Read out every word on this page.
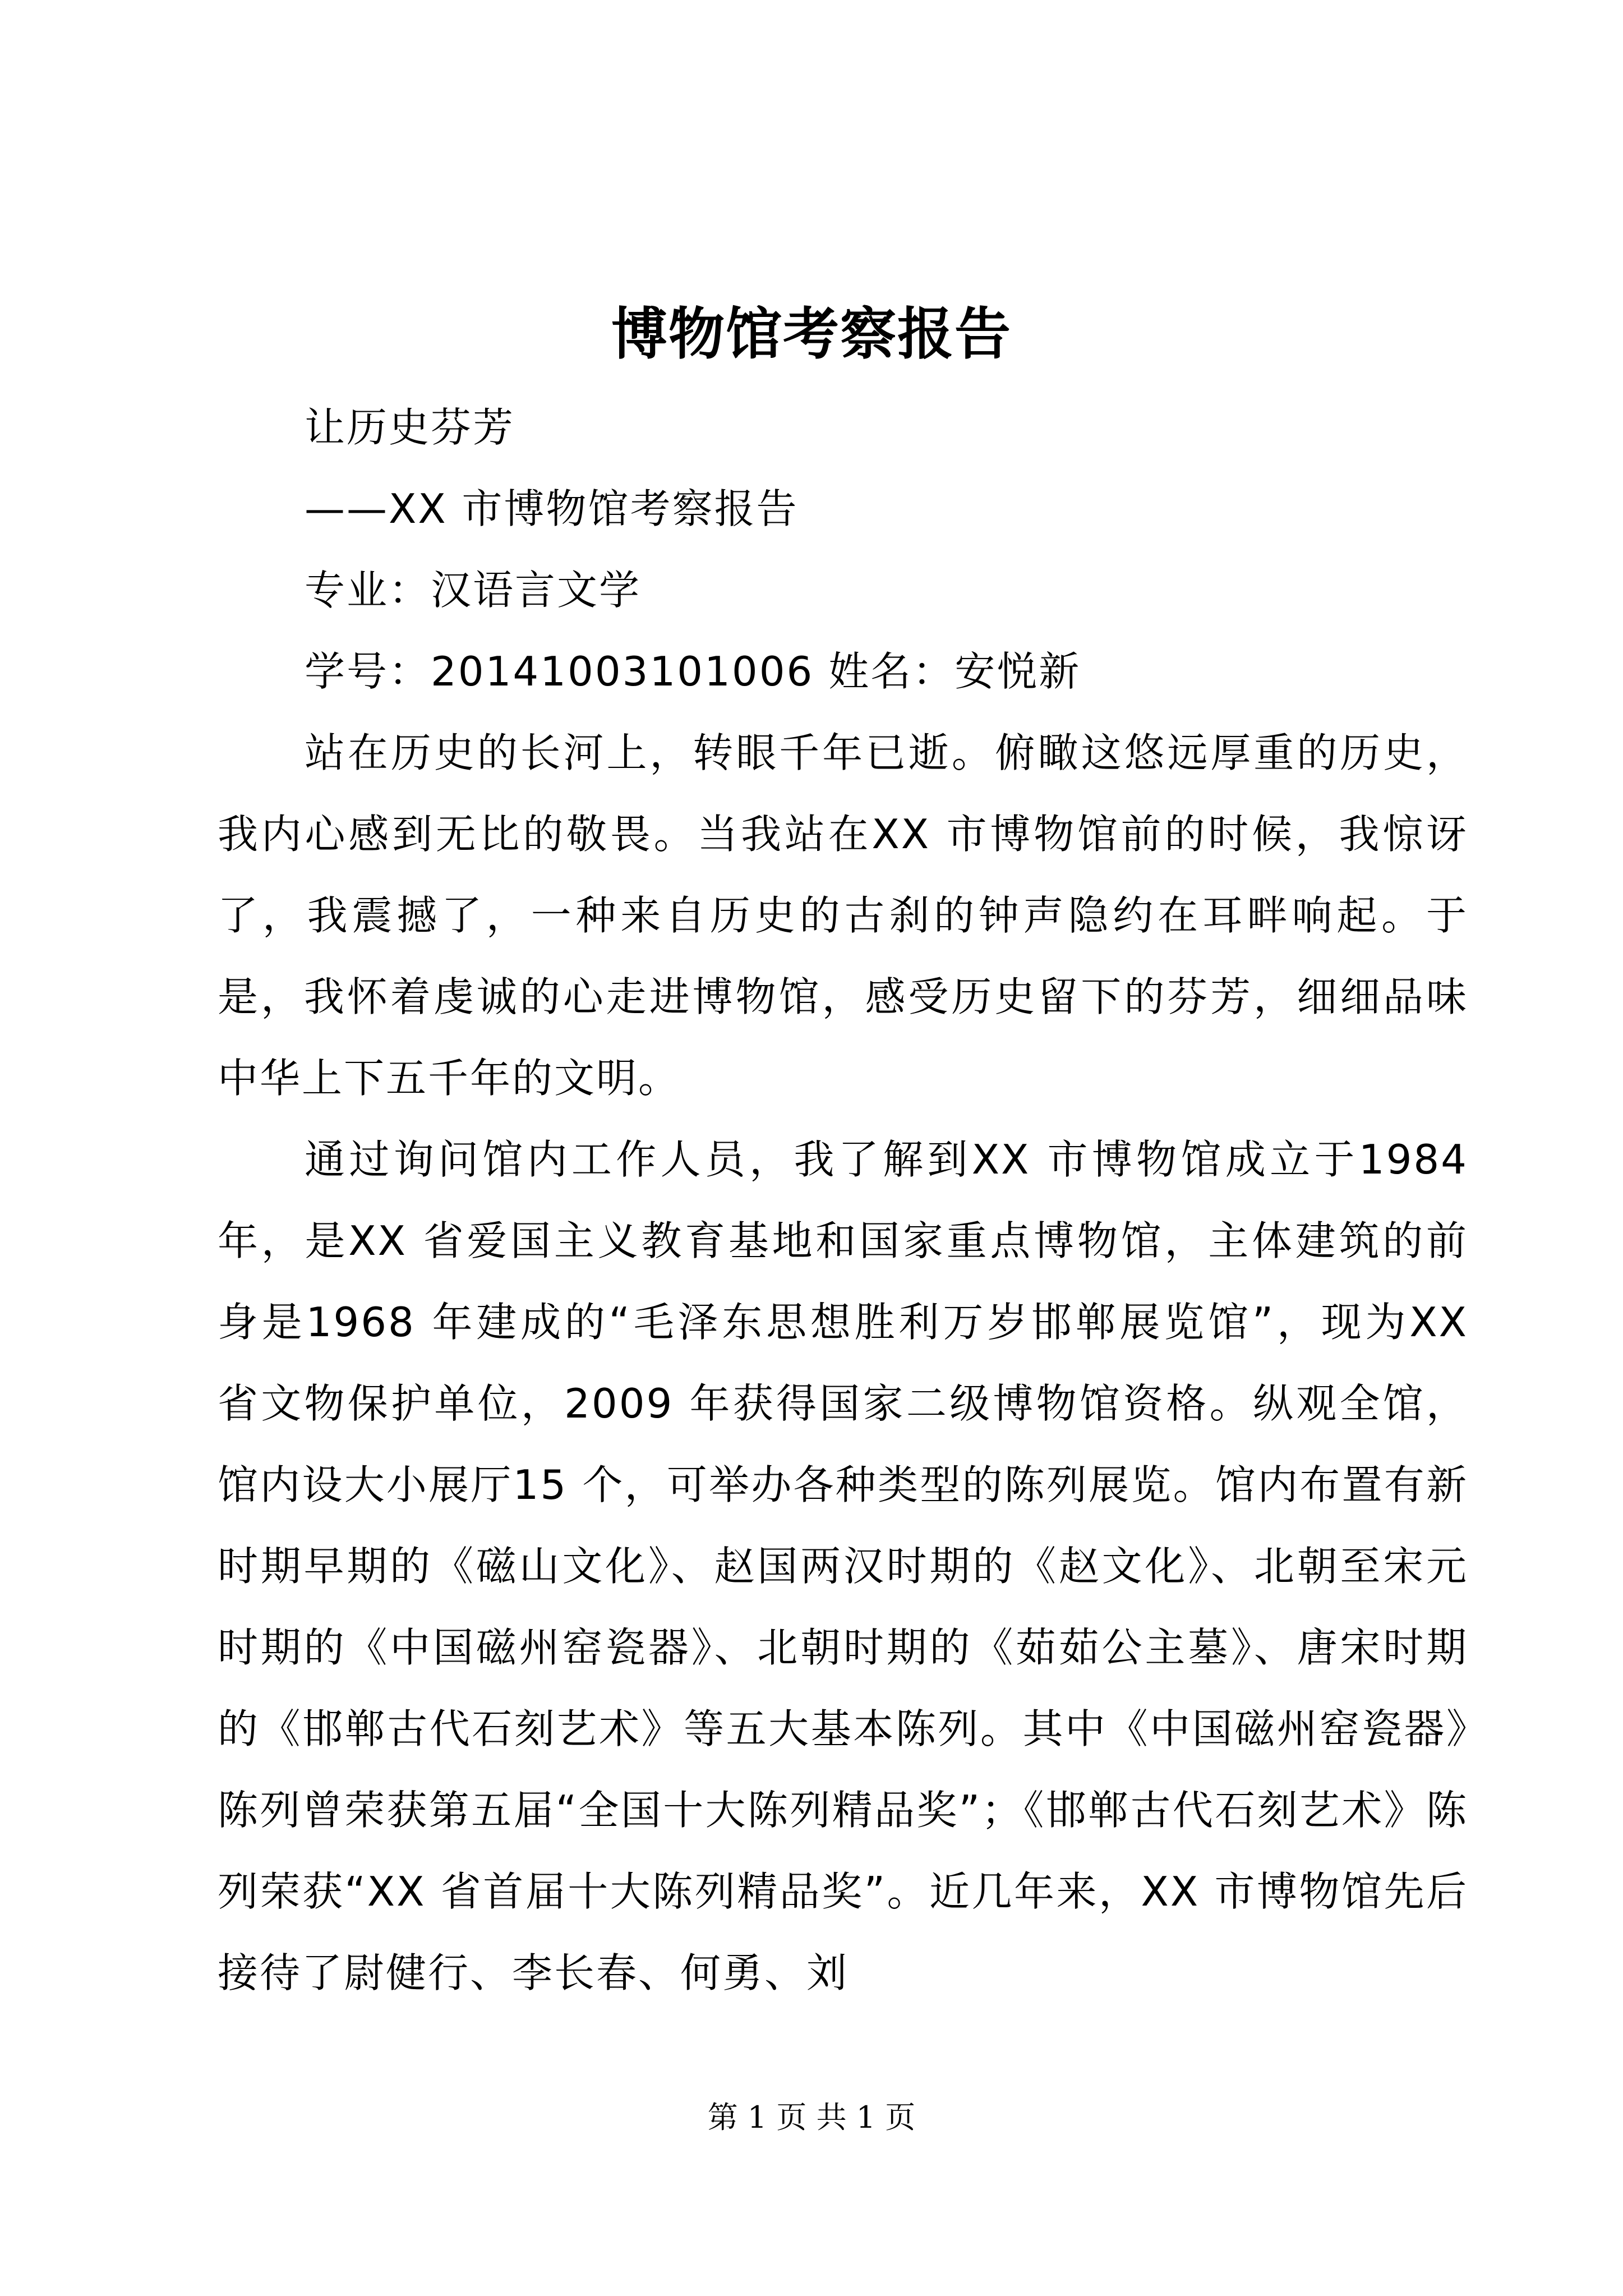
博物馆考察报告
让历史芬芳
——XX 市博物馆考察报告
专业：汉语言文学
学号：20141003101006 姓名：安悦新

站在历史的长河上，转眼千年已逝。俯瞰这悠远厚重的历史，我内心感到无比的敬畏。当我站在XX 市博物馆前的时候，我惊讶了，我震撼了，一种来自历史的古刹的钟声隐约在耳畔响起。于是，我怀着虔诚的心走进博物馆，感受历史留下的芬芳，细细品味中华上下五千年的文明。

通过询问馆内工作人员，我了解到XX 市博物馆成立于1984 年，是XX 省爱国主义教育基地和国家重点博物馆，主体建筑的前身是1968 年建成的“毛泽东思想胜利万岁邯郸展览馆”，现为XX 省文物保护单位，2009 年获得国家二级博物馆资格。纵观全馆，馆内设大小展厅15 个，可举办各种类型的陈列展览。馆内布置有新时期早期的《磁山文化》、赵国两汉时期的《赵文化》、北朝至宋元时期的《中国磁州窑瓷器》、北朝时期的《茹茹公主墓》、唐宋时期的《邯郸古代石刻艺术》等五大基本陈列。其中《中国磁州窑瓷器》陈列曾荣获第五届“全国十大陈列精品奖”；《邯郸古代石刻艺术》陈列荣获“XX 省首届十大陈列精品奖”。近几年来，XX 市博物馆先后接待了尉健行、李长春、何勇、刘

第 1 页 共 1 页
